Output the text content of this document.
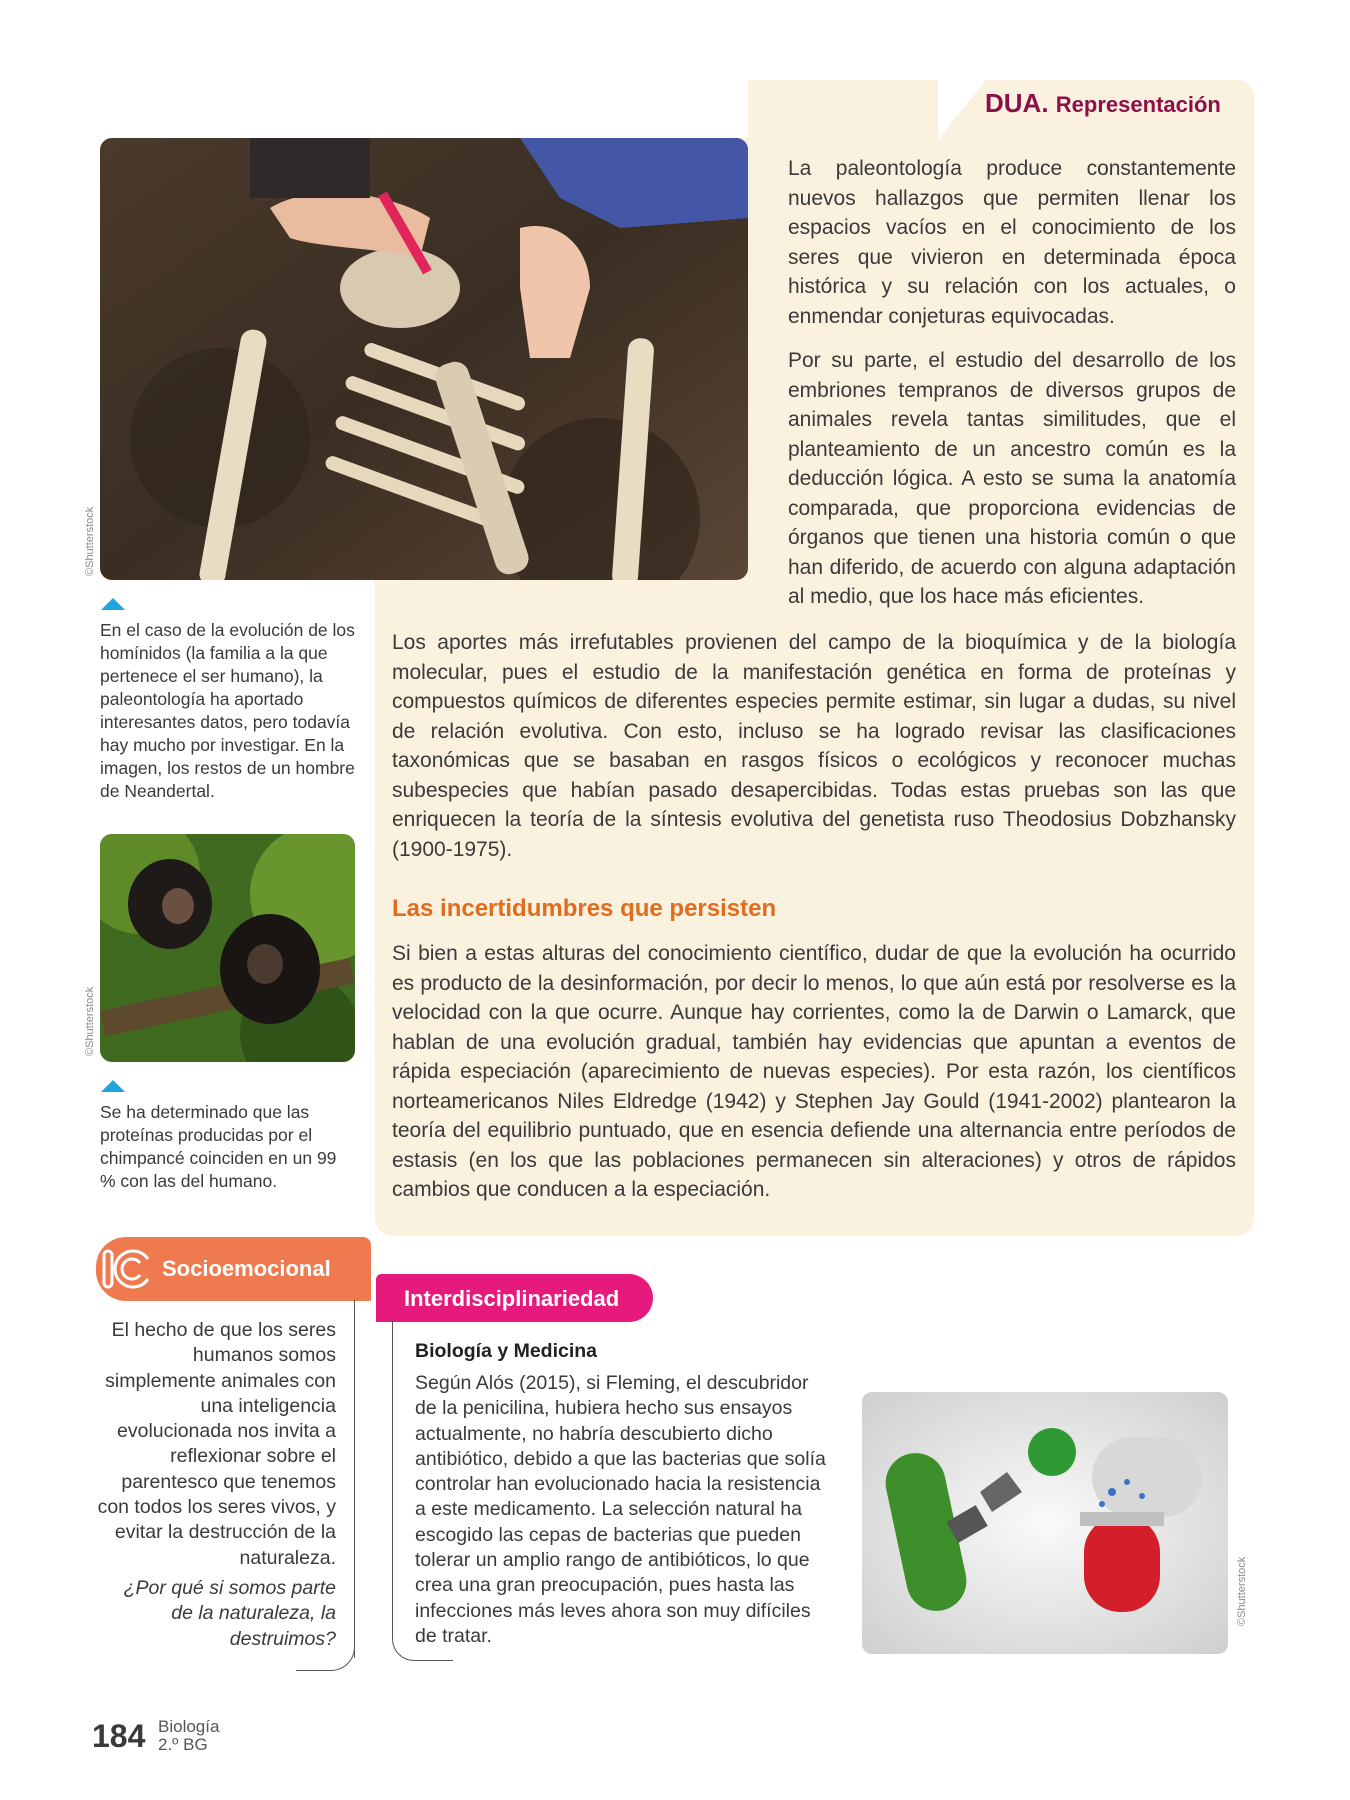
DUA. Representación
©Shutterstock
En el caso de la evolución de los homínidos (la familia a la que pertenece el ser humano), la paleontología ha aportado interesantes datos, pero todavía hay mucho por investigar. En la imagen, los restos de un hombre de Neandertal.
©Shutterstock
Se ha determinado que las proteínas producidas por el chimpancé coinciden en un 99 % con las del humano.
La paleontología produce constantemente nuevos hallazgos que permiten llenar los espacios vacíos en el conocimiento de los seres que vivieron en determinada época histórica y su relación con los actuales, o enmendar conjeturas equivocadas.
Por su parte, el estudio del desarrollo de los embriones tempranos de diversos grupos de animales revela tantas similitudes, que el planteamiento de un ancestro común es la deducción lógica. A esto se suma la anatomía comparada, que proporciona evidencias de órganos que tienen una historia común o que han diferido, de acuerdo con alguna adaptación al medio, que los hace más eficientes.
Los aportes más irrefutables provienen del campo de la bioquímica y de la biología molecular, pues el estudio de la manifestación genética en forma de proteínas y compuestos químicos de diferentes especies permite estimar, sin lugar a dudas, su nivel de relación evolutiva. Con esto, incluso se ha logrado revisar las clasificaciones taxonómicas que se basaban en rasgos físicos o ecológicos y reconocer muchas subespecies que habían pasado desapercibidas. Todas estas pruebas son las que enriquecen la teoría de la síntesis evolutiva del genetista ruso Theodosius Dobzhansky (1900-1975).
Las incertidumbres que persisten
Si bien a estas alturas del conocimiento científico, dudar de que la evolución ha ocurrido es producto de la desinformación, por decir lo menos, lo que aún está por resolverse es la velocidad con la que ocurre. Aunque hay corrientes, como la de Darwin o Lamarck, que hablan de una evolución gradual, también hay evidencias que apuntan a eventos de rápida especiación (aparecimiento de nuevas especies). Por esta razón, los científicos norteamericanos Niles Eldredge (1942) y Stephen Jay Gould (1941-2002) plantearon la teoría del equilibrio puntuado, que en esencia defiende una alternancia entre períodos de estasis (en los que las poblaciones permanecen sin alteraciones) y otros de rápidos cambios que conducen a la especiación.
Socioemocional
El hecho de que los seres humanos somos simplemente animales con una inteligencia evolucionada nos invita a reflexionar sobre el parentesco que tenemos con todos los seres vivos, y evitar la destrucción de la naturaleza.
¿Por qué si somos parte de la naturaleza, la destruimos?
Interdisciplinariedad
Biología y Medicina
Según Alós (2015), si Fleming, el descubridor de la penicilina, hubiera hecho sus ensayos actualmente, no habría descubierto dicho antibiótico, debido a que las bacterias que solía controlar han evolucionado hacia la resistencia a este medicamento. La selección natural ha escogido las cepas de bacterias que pueden tolerar un amplio rango de antibióticos, lo que crea una gran preocupación, pues hasta las infecciones más leves ahora son muy difíciles de tratar.
©Shutterstock
184 Biología
2.º BG
